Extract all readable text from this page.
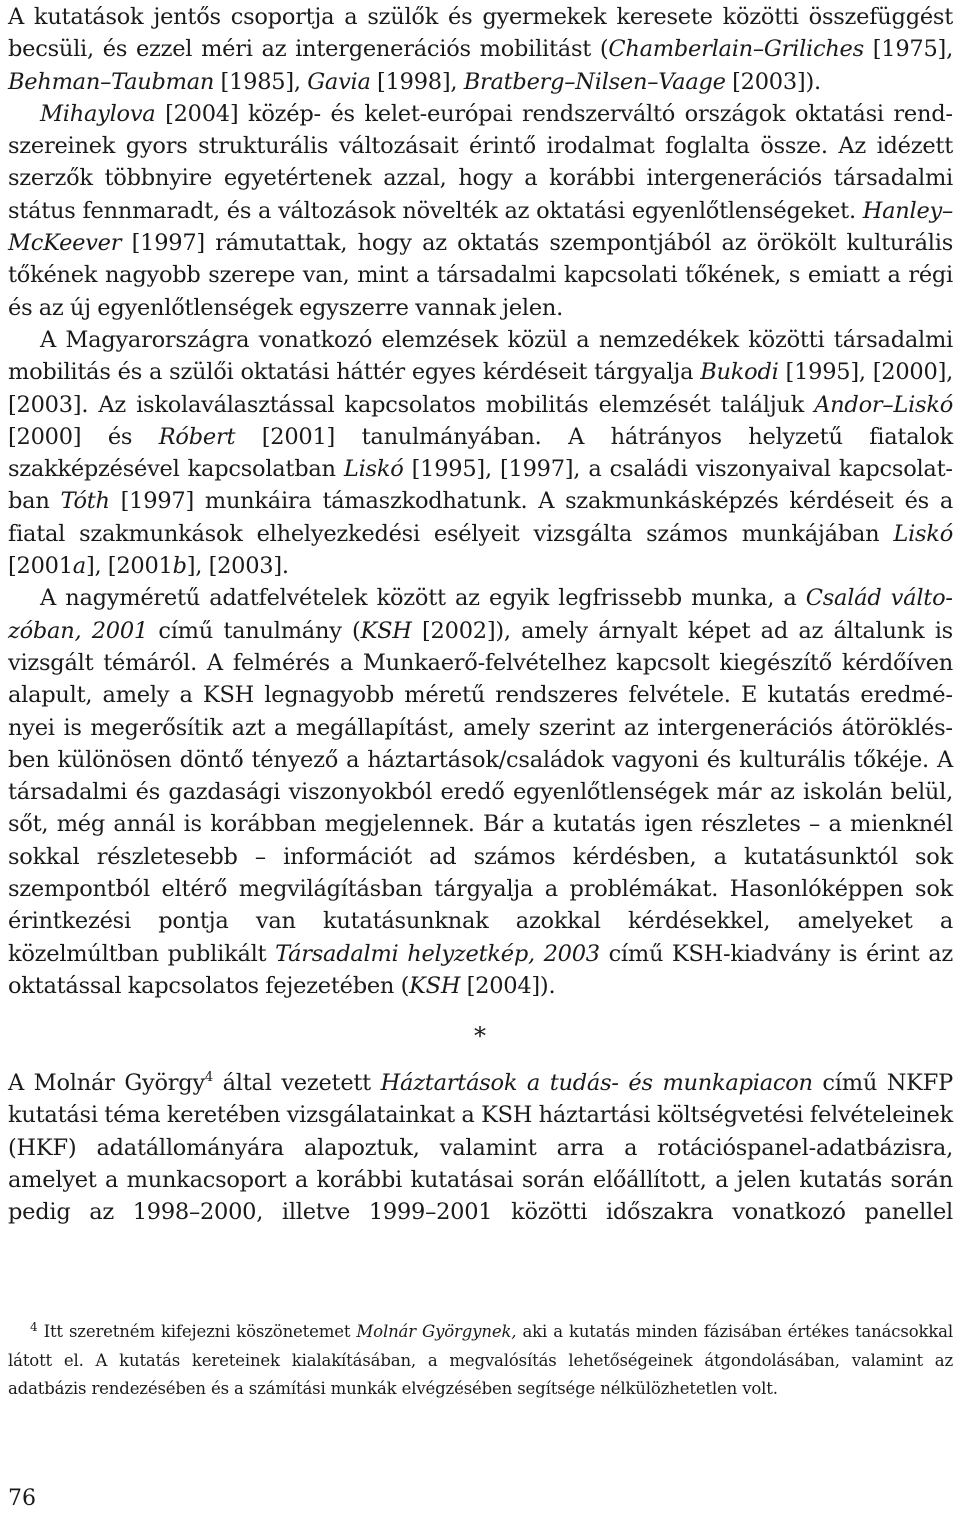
A kutatások jentős csoportja a szülők és gyermekek keresete közötti összefüggést becsüli, és ezzel méri az intergenerációs mobilitást (Chamberlain–Griliches [1975], Behman–Taubman [1985], Gavia [1998], Bratberg–Nilsen–Vaage [2003]).

Mihaylova [2004] közép- és kelet-európai rendszerváltó országok oktatási rendszereinek gyors strukturális változásait érintő irodalmat foglalta össze. Az idézett szerzők többnyire egyetértenek azzal, hogy a korábbi intergenerációs társadalmi státus fennmaradt, és a változások növelték az oktatási egyenlőtlenségeket. Hanley–McKeever [1997] rámutattak, hogy az oktatás szempontjából az örökölt kulturális tőkének nagyobb szerepe van, mint a társadalmi kapcsolati tőkének, s emiatt a régi és az új egyenlőtlenségek egyszerre vannak jelen.

A Magyarországra vonatkozó elemzések közül a nemzedékek közötti társadalmi mobilitás és a szülői oktatási háttér egyes kérdéseit tárgyalja Bukodi [1995], [2000], [2003]. Az iskolaválasztással kapcsolatos mobilitás elemzését találjuk Andor–Liskó [2000] és Róbert [2001] tanulmányában. A hátrányos helyzetű fiatalok szakképzésével kapcsolatban Liskó [1995], [1997], a családi viszonyaival kapcsolatban Tóth [1997] munkáira támaszkodhatunk. A szakmunkásképzés kérdéseit és a fiatal szakmunkások elhelyezkedési esélyeit vizsgálta számos munkájában Liskó [2001a], [2001b], [2003].

A nagyméretű adatfelvételek között az egyik legfrissebb munka, a Család változóban, 2001 című tanulmány (KSH [2002]), amely árnyalt képet ad az általunk is vizsgált témáról. A felmérés a Munkaerő-felvételhez kapcsolt kiegészítő kérdőíven alapult, amely a KSH legnagyobb méretű rendszeres felvétele. E kutatás eredményei is megerősítik azt a megállapítást, amely szerint az intergenerációs átöröklésben különösen döntő tényező a háztartások/családok vagyoni és kulturális tőkéje. A társadalmi és gazdasági viszonyokból eredő egyenlőtlenségek már az iskolán belül, sőt, még annál is korábban megjelennek. Bár a kutatás igen részletes – a mienknél sokkal részletesebb – információt ad számos kérdésben, a kutatásunktól sok szempontból eltérő megvilágításban tárgyalja a problémákat. Hasonlóképpen sok érintkezési pontja van kutatásunknak azokkal kérdésekkel, amelyeket a közelmúltban publikált Társadalmi helyzetkép, 2003 című KSH-kiadvány is érint az oktatással kapcsolatos fejezetében (KSH [2004]).

*

A Molnár György$^4$ által vezetett Háztartások a tudás- és munkapiacon című NKFP kutatási téma keretében vizsgálatainkat a KSH háztartási költségvetési felvételeinek (HKF) adatállományára alapoztuk, valamint arra a rotációspanel-adatbázisra, amelyet a munkacsoport a korábbi kutatásai során előállított, a jelen kutatás során pedig az 1998–2000, illetve 1999–2001 közötti időszakra vonatkozó panellel

$^4$ Itt szeretném kifejezni köszönetemet Molnár Györgynek, aki a kutatás minden fázisában értékes tanácsokkal látott el. A kutatás kereteinek kialakításában, a megvalósítás lehetőségeinek átgondolásában, valamint az adatbázis rendezésében és a számítási munkák elvégzésében segítsége nélkülözhetetlen volt.

76
